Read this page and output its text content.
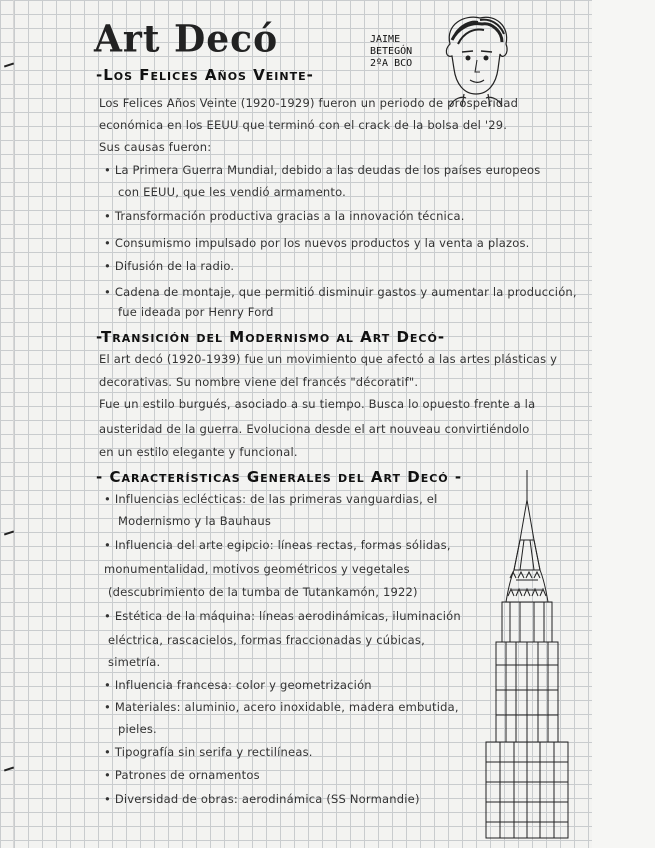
Art Decó	JAIME
BETEGÓN
2ºA BCO
-Los Felices Años Veinte-
Los Felices Años Veinte (1920-1929) fueron un periodo de prosperidad
económica en los EEUU que terminó con el crack de la bolsa del '29.
Sus causas fueron:
• La Primera Guerra Mundial, debido a las deudas de los países europeos
con EEUU, que les vendió armamento.
• Transformación productiva gracias a la innovación técnica.
• Consumismo impulsado por los nuevos productos y la venta a plazos.
• Difusión de la radio.
• Cadena de montaje, que permitió disminuir gastos y aumentar la producción,
fue ideada por Henry Ford
-Transición del Modernismo al Art Decó-
El art decó (1920-1939) fue un movimiento que afectó a las artes plásticas y
decorativas. Su nombre viene del francés "décoratif".
Fue un estilo burgués, asociado a su tiempo. Busca lo opuesto frente a la
austeridad de la guerra. Evoluciona desde el art nouveau convirtiéndolo
en un estilo elegante y funcional.
- Características Generales del Art Decó -
• Influencias eclécticas: de las primeras vanguardias, el
Modernismo y la Bauhaus
• Influencia del arte egipcio: líneas rectas, formas sólidas,
monumentalidad, motivos geométricos y vegetales
(descubrimiento de la tumba de Tutankamón, 1922)
• Estética de la máquina: líneas aerodinámicas, iluminación
eléctrica, rascacielos, formas fraccionadas y cúbicas,
simetría.
• Influencia francesa: color y geometrización
• Materiales: aluminio, acero inoxidable, madera embutida,
pieles.
• Tipografía sin serifa y rectilíneas.
• Patrones de ornamentos
• Diversidad de obras: aerodinámica (SS Normandie)
